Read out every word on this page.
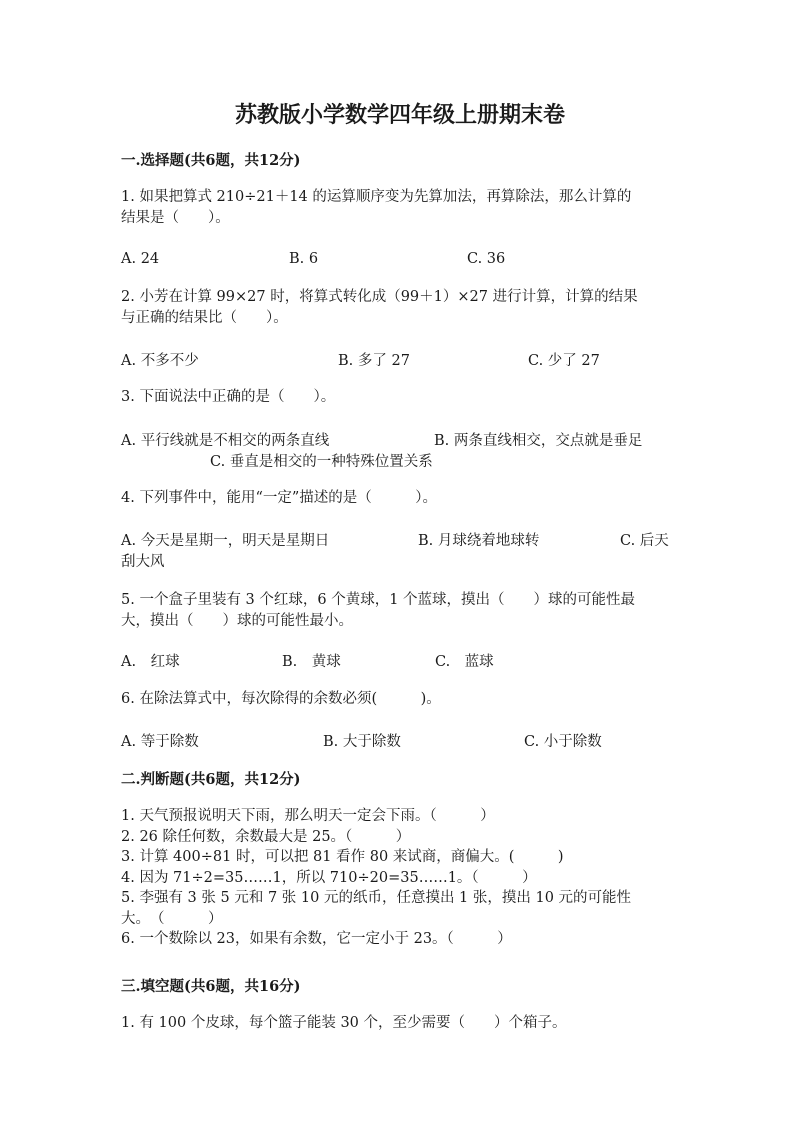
苏教版小学数学四年级上册期末卷
一.选择题(共6题，共12分)
1. 如果把算式 210÷21＋14 的运算顺序变为先算加法，再算除法，那么计算的
结果是（　　）。
A. 24	B. 6	C. 36
2. 小芳在计算 99×27 时，将算式转化成（99＋1）×27 进行计算，计算的结果
与正确的结果比（　　）。
A. 不多不少	B. 多了 27	C. 少了 27
3. 下面说法中正确的是（　　）。
A. 平行线就是不相交的两条直线	B. 两条直线相交，交点就是垂足
C. 垂直是相交的一种特殊位置关系
4. 下列事件中，能用“一定”描述的是（　　　）。
A. 今天是星期一，明天是星期日	B. 月球绕着地球转	C. 后天
刮大风
5. 一个盒子里装有 3 个红球，6 个黄球，1 个蓝球，摸出（　　）球的可能性最
大，摸出（　　）球的可能性最小。
A.　红球	B.　黄球	C.　蓝球
6. 在除法算式中，每次除得的余数必须(　　　)。
A. 等于除数	B. 大于除数	C. 小于除数
二.判断题(共6题，共12分)
1. 天气预报说明天下雨，那么明天一定会下雨。（　　　）
2. 26 除任何数，余数最大是 25。（　　　）
3. 计算 400÷81 时，可以把 81 看作 80 来试商，商偏大。(　　　)
4. 因为 71÷2=35……1，所以 710÷20=35……1。（　　　）
5. 李强有 3 张 5 元和 7 张 10 元的纸币，任意摸出 1 张，摸出 10 元的可能性
大。　（　　　）
6. 一个数除以 23，如果有余数，它一定小于 23。（　　　）
三.填空题(共6题，共16分)
1. 有 100 个皮球，每个篮子能装 30 个，至少需要（　　）个箱子。
